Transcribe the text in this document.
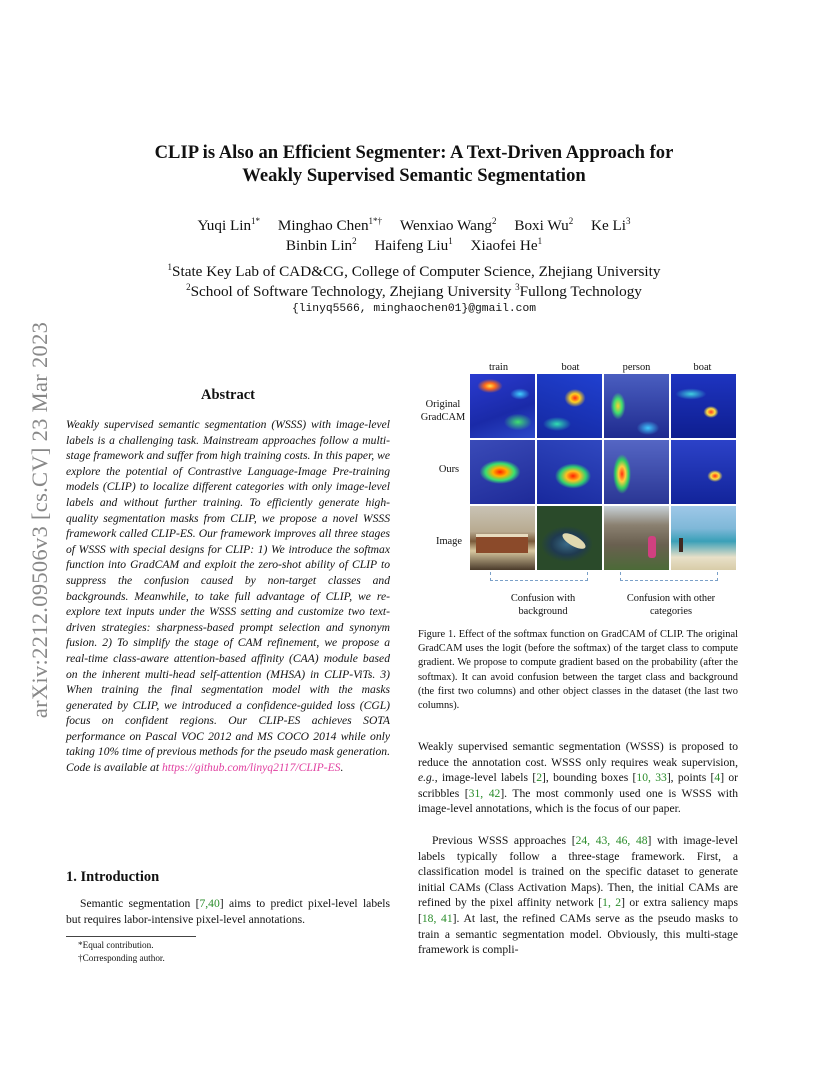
arXiv:2212.09506v3 [cs.CV] 23 Mar 2023
CLIP is Also an Efficient Segmenter: A Text-Driven Approach for
Weakly Supervised Semantic Segmentation
Yuqi Lin$^{1*}$ Minghao Chen$^{1*\dagger}$ Wenxiao Wang$^2$ Boxi Wu$^2$ Ke Li$^3$
Binbin Lin$^2$ Haifeng Liu$^1$ Xiaofei He$^1$
$^1$State Key Lab of CAD&CG, College of Computer Science, Zhejiang University
$^2$School of Software Technology, Zhejiang University $^3$Fullong Technology
{linyq5566, minghaochen01}@gmail.com
Abstract
Weakly supervised semantic segmentation (WSSS) with image-level labels is a challenging task. Mainstream approaches follow a multi-stage framework and suffer from high training costs. In this paper, we explore the potential of Contrastive Language-Image Pre-training models (CLIP) to localize different categories with only image-level labels and without further training. To efficiently generate high-quality segmentation masks from CLIP, we propose a novel WSSS framework called CLIP-ES. Our framework improves all three stages of WSSS with special designs for CLIP: 1) We introduce the softmax function into GradCAM and exploit the zero-shot ability of CLIP to suppress the confusion caused by non-target classes and backgrounds. Meanwhile, to take full advantage of CLIP, we re-explore text inputs under the WSSS setting and customize two text-driven strategies: sharpness-based prompt selection and synonym fusion. 2) To simplify the stage of CAM refinement, we propose a real-time class-aware attention-based affinity (CAA) module based on the inherent multi-head self-attention (MHSA) in CLIP-ViTs. 3) When training the final segmentation model with the masks generated by CLIP, we introduced a confidence-guided loss (CGL) focus on confident regions. Our CLIP-ES achieves SOTA performance on Pascal VOC 2012 and MS COCO 2014 while only taking 10% time of previous methods for the pseudo mask generation. Code is available at https://github.com/linyq2117/CLIP-ES.
1. Introduction
Semantic segmentation [7,40] aims to predict pixel-level labels but requires labor-intensive pixel-level annotations.
*Equal contribution.
†Corresponding author.
train	boat	person	boat
Original GradCAM
Ours
Image
Confusion with background
Confusion with other categories
Figure 1. Effect of the softmax function on GradCAM of CLIP. The original GradCAM uses the logit (before the softmax) of the target class to compute gradient. We propose to compute gradient based on the probability (after the softmax). It can avoid confusion between the target class and background (the first two columns) and other object classes in the dataset (the last two columns).
Weakly supervised semantic segmentation (WSSS) is proposed to reduce the annotation cost. WSSS only requires weak supervision, e.g., image-level labels [2], bounding boxes [10, 33], points [4] or scribbles [31, 42]. The most commonly used one is WSSS with image-level annotations, which is the focus of our paper.
Previous WSSS approaches [24, 43, 46, 48] with image-level labels typically follow a three-stage framework. First, a classification model is trained on the specific dataset to generate initial CAMs (Class Activation Maps). Then, the initial CAMs are refined by the pixel affinity network [1, 2] or extra saliency maps [18, 41]. At last, the refined CAMs serve as the pseudo masks to train a semantic segmentation model. Obviously, this multi-stage framework is compli-
